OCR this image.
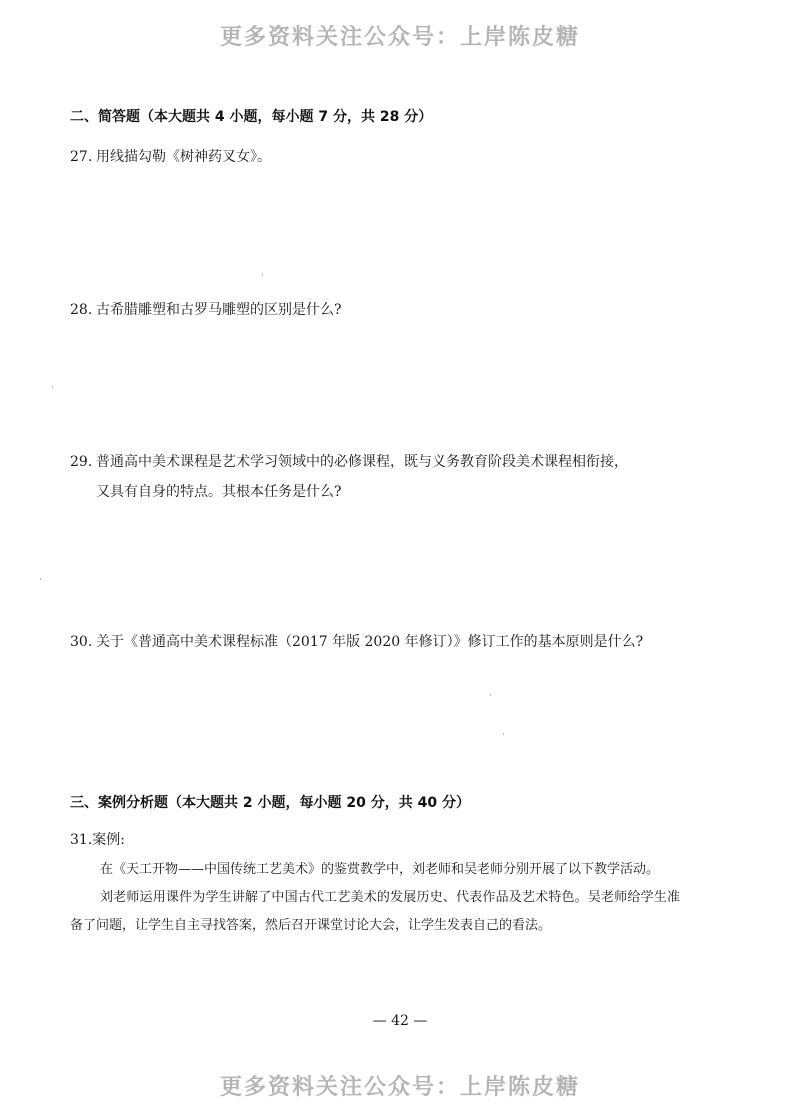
更多资料关注公众号：上岸陈皮糖
二、简答题（本大题共 4 小题，每小题 7 分，共 28 分）
27. 用线描勾勒《树神药叉女》。
28. 古希腊雕塑和古罗马雕塑的区别是什么?
29. 普通高中美术课程是艺术学习领域中的必修课程，既与义务教育阶段美术课程相衔接，
又具有自身的特点。其根本任务是什么?
30. 关于《普通高中美术课程标准（2017 年版 2020 年修订）》修订工作的基本原则是什么?
三、案例分析题（本大题共 2 小题，每小题 20 分，共 40 分）
31.案例:

在《天工开物——中国传统工艺美术》的鉴赏教学中，刘老师和吴老师分别开展了以下教学活动。

刘老师运用课件为学生讲解了中国古代工艺美术的发展历史、代表作品及艺术特色。吴老师给学生准备了问题，让学生自主寻找答案，然后召开课堂讨论大会，让学生发表自己的看法。

— 42 —
更多资料关注公众号：上岸陈皮糖
